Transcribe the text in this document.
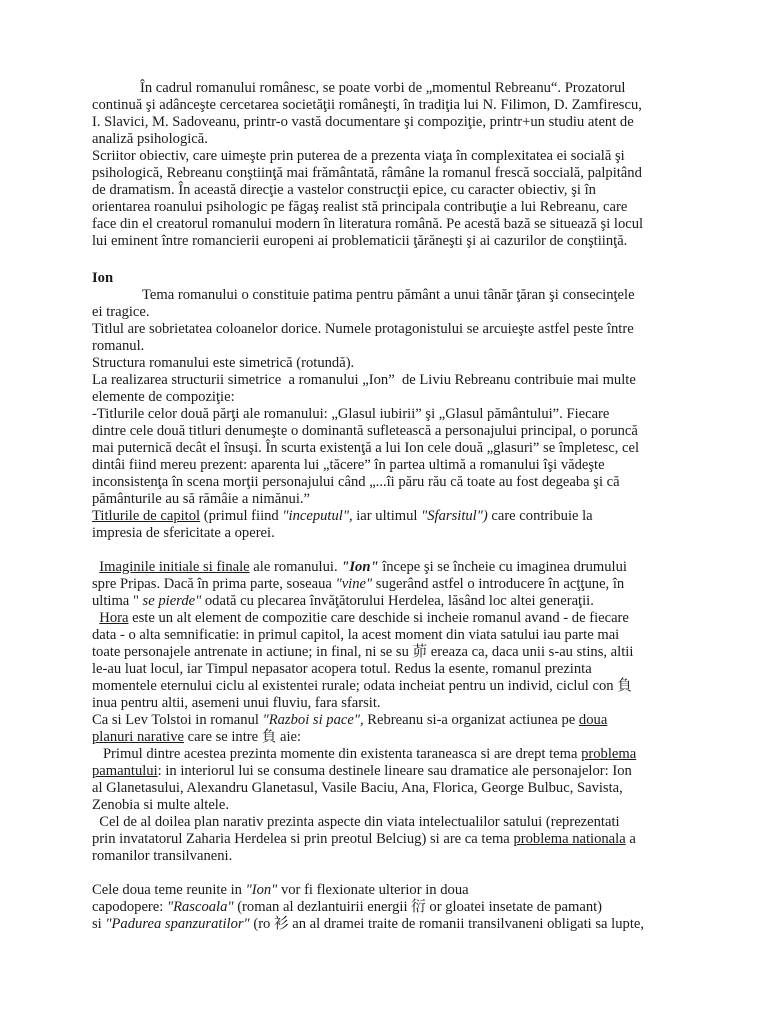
În cadrul romanului românesc, se poate vorbi de „momentul Rebreanu“. Prozatorul
continuă şi adânceşte cercetarea societăţii româneşti, în tradiţia lui N. Filimon, D. Zamfirescu,
I. Slavici, M. Sadoveanu, printr-o vastă documentare şi compoziţie, printr+un studiu atent de
analiză psihologică.
Scriitor obiectiv, care uimeşte prin puterea de a prezenta viaţa în complexitatea ei socială şi
psihologică, Rebreanu conştiinţă mai frământată, râmâne la romanul frescă soccială, palpitând
de dramatism. În această direcţie a vastelor construcţii epice, cu caracter obiectiv, şi în
orientarea roanului psihologic pe făgaş realist stă principala contribuţie a lui Rebreanu, care
face din el creatorul romanului modern în literatura română. Pe acestă bază se situează şi locul
lui eminent între romancierii europeni ai problematicii ţărăneşti şi ai cazurilor de conştiinţă.
Ion
Tema romanului o constituie patima pentru pământ a unui tânăr ţăran şi consecinţele
ei tragice.
Titlul are sobrietatea coloanelor dorice. Numele protagonistului se arcuieşte astfel peste între
romanul.
Structura romanului este simetrică (rotundă).
La realizarea structurii simetrice  a romanului „Ion”  de Liviu Rebreanu contribuie mai multe
elemente de compoziţie:
-Titlurile celor două părţi ale romanului: „Glasul iubirii” şi „Glasul pământului”. Fiecare
dintre cele două titluri denumeşte o dominantă sufletească a personajului principal, o poruncă
mai puternică decât el însuşi. În scurta existenţă a lui Ion cele două „glasuri” se împletesc, cel
dintâi fiind mereu prezent: aparenta lui „tăcere” în partea ultimă a romanului îşi vădeşte
inconsistenţa în scena morţii personajului când „...îi păru rău că toate au fost degeaba şi că
pământurile au să rămâie a nimănui.”
Titlurile de capitol (primul fiind "inceputul", iar ultimul "Sfarsitul") care contribuie la
impresia de sfericitate a operei.
Imaginile initiale si finale ale romanului. "Ion" începe şi se încheie cu imaginea drumului
spre Pripas. Dacă în prima parte, soseaua "vine" sugerând astfel o introducere în acţţune, în
ultima " se pierde" odată cu plecarea învăţătorului Herdelea, lăsând loc altei generaţii.
Hora este un alt element de compozitie care deschide si incheie romanul avand - de fiecare
data - o alta semnificatie: in primul capitol, la acest moment din viata satului iau parte mai
toate personajele antrenate in actiune; in final, ni se su 茆 ereaza ca, daca unii s-au stins, altii
le-au luat locul, iar Timpul nepasator acopera totul. Redus la esente, romanul prezinta
momentele eternului ciclu al existentei rurale; odata incheiat pentru un individ, ciclul con 負
inua pentru altii, asemeni unui fluviu, fara sfarsit.
Ca si Lev Tolstoi in romanul "Razboi si pace", Rebreanu si-a organizat actiunea pe doua
planuri narative care se intre 負 aie:
Primul dintre acestea prezinta momente din existenta taraneasca si are drept tema problema
pamantului: in interiorul lui se consuma destinele lineare sau dramatice ale personajelor: Ion
al Glanetasului, Alexandru Glanetasul, Vasile Baciu, Ana, Florica, George Bulbuc, Savista,
Zenobia si multe altele.
Cel de al doilea plan narativ prezinta aspecte din viata intelectualilor satului (reprezentati
prin invatatorul Zaharia Herdelea si prin preotul Belciug) si are ca tema problema nationala a
romanilor transilvaneni.
Cele doua teme reunite in "Ion" vor fi flexionate ulterior in doua
capodopere: "Rascoala" (roman al dezlantuirii energii 衍 or gloatei insetate de pamant)
si "Padurea spanzuratilor" (ro 衫 an al dramei traite de romanii transilvaneni obligati sa lupte,
